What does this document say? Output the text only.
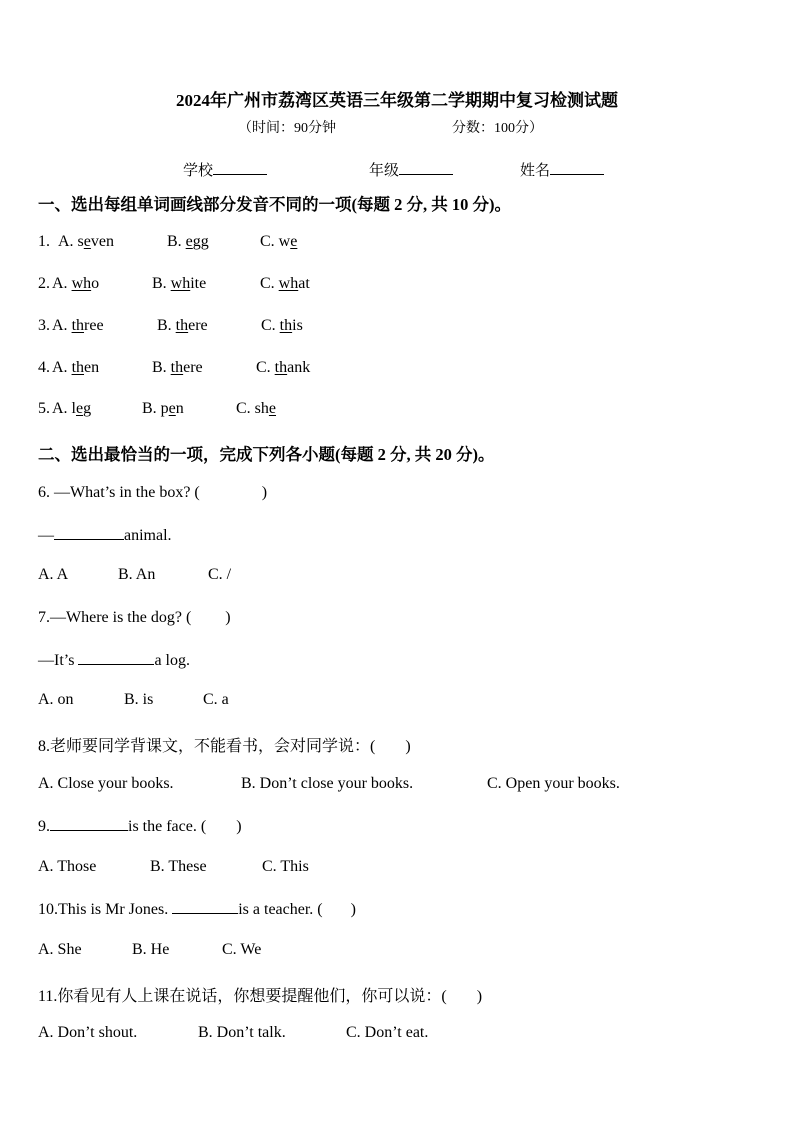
2024年广州市荔湾区英语三年级第二学期期中复习检测试题
（时间：90分钟	分数：100分）
学校	年级	姓名
一、选出每组单词画线部分发音不同的一项(每题 2 分, 共 10 分)。
1. A. seven	B. egg	C. we
2. A. who	B. white	C. what
3. A. three	B. there	C. this
4. A. then	B. there	C. thank
5. A. leg	B. pen	C. she
二、选出最恰当的一项，完成下列各小题(每题 2 分, 共 20 分)。
6. —What’s in the box? (	)
—	animal.
A. A	B. An	C. /
7.—Where is the dog? ( )
—It’s	a log.
A. on	B. is	C. a
8.老师要同学背课文，不能看书，会对同学说：( )
A. Close your books.	B. Don’t close your books.	C. Open your books.
9.	is the face. ( )
A. Those	B. These	C. This
10.This is Mr Jones.	is a teacher. ( )
A. She	B. He	C. We
11.你看见有人上课在说话，你想要提醒他们，你可以说：( )
A. Don’t shout.	B. Don’t talk.	C. Don’t eat.
